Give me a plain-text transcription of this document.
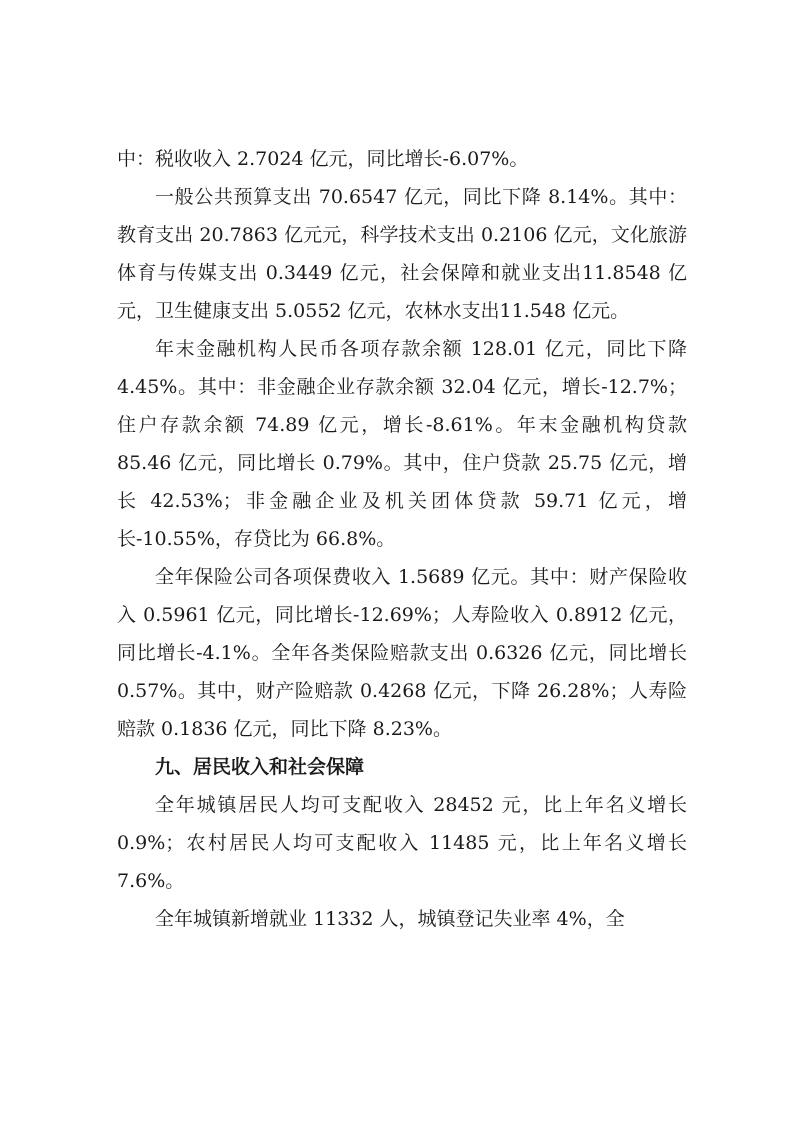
中：税收收入 2.7024 亿元，同比增长-6.07%。

一般公共预算支出 70.6547 亿元，同比下降 8.14%。其中：教育支出 20.7863 亿元元，科学技术支出 0.2106 亿元，文化旅游体育与传媒支出 0.3449 亿元，社会保障和就业支出11.8548 亿元，卫生健康支出 5.0552 亿元，农林水支出11.548 亿元。

年末金融机构人民币各项存款余额 128.01 亿元，同比下降 4.45%。其中：非金融企业存款余额 32.04 亿元，增长-12.7%；住户存款余额 74.89 亿元，增长-8.61%。年末金融机构贷款 85.46 亿元，同比增长 0.79%。其中，住户贷款 25.75 亿元，增长 42.53%；非金融企业及机关团体贷款 59.71 亿元，增长-10.55%，存贷比为 66.8%。

全年保险公司各项保费收入 1.5689 亿元。其中：财产保险收入 0.5961 亿元，同比增长-12.69%；人寿险收入 0.8912 亿元，同比增长-4.1%。全年各类保险赔款支出 0.6326 亿元，同比增长 0.57%。其中，财产险赔款 0.4268 亿元，下降 26.28%；人寿险赔款 0.1836 亿元，同比下降 8.23%。

九、居民收入和社会保障

全年城镇居民人均可支配收入 28452 元，比上年名义增长 0.9%；农村居民人均可支配收入 11485 元，比上年名义增长 7.6%。

全年城镇新增就业 11332 人，城镇登记失业率 4%，全
